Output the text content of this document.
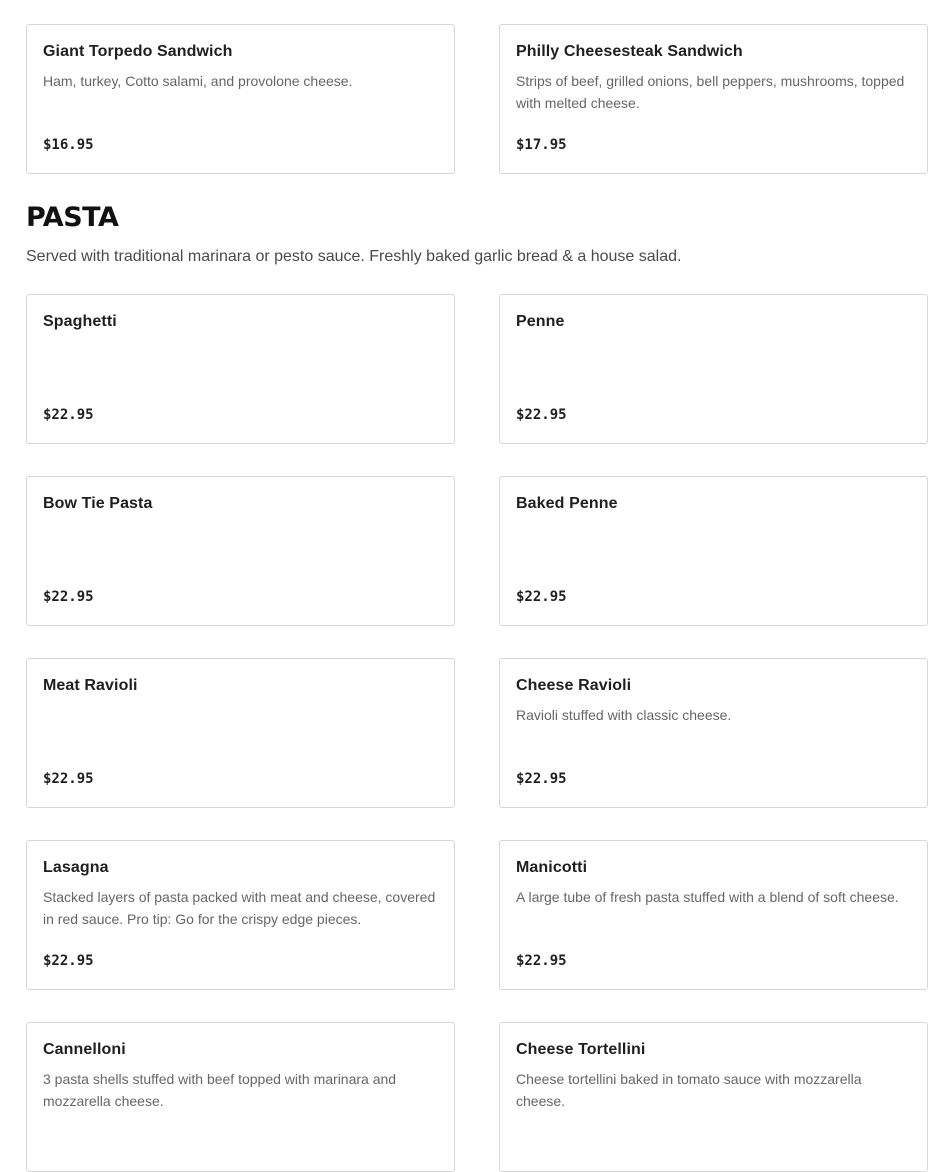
Giant Torpedo Sandwich
Ham, turkey, Cotto salami, and provolone cheese.
$16.95
Philly Cheesesteak Sandwich
Strips of beef, grilled onions, bell peppers, mushrooms, topped with melted cheese.
$17.95
PASTA

Served with traditional marinara or pesto sauce. Freshly baked garlic bread & a house salad.

Spaghetti
$22.95
Penne
$22.95
Bow Tie Pasta
$22.95
Baked Penne
$22.95
Meat Ravioli
$22.95
Cheese Ravioli
Ravioli stuffed with classic cheese.
$22.95
Lasagna
Stacked layers of pasta packed with meat and cheese, covered in red sauce. Pro tip: Go for the crispy edge pieces.
$22.95
Manicotti
A large tube of fresh pasta stuffed with a blend of soft cheese.
$22.95
Cannelloni
3 pasta shells stuffed with beef topped with marinara and mozzarella cheese.
Cheese Tortellini
Cheese tortellini baked in tomato sauce with mozzarella cheese.
